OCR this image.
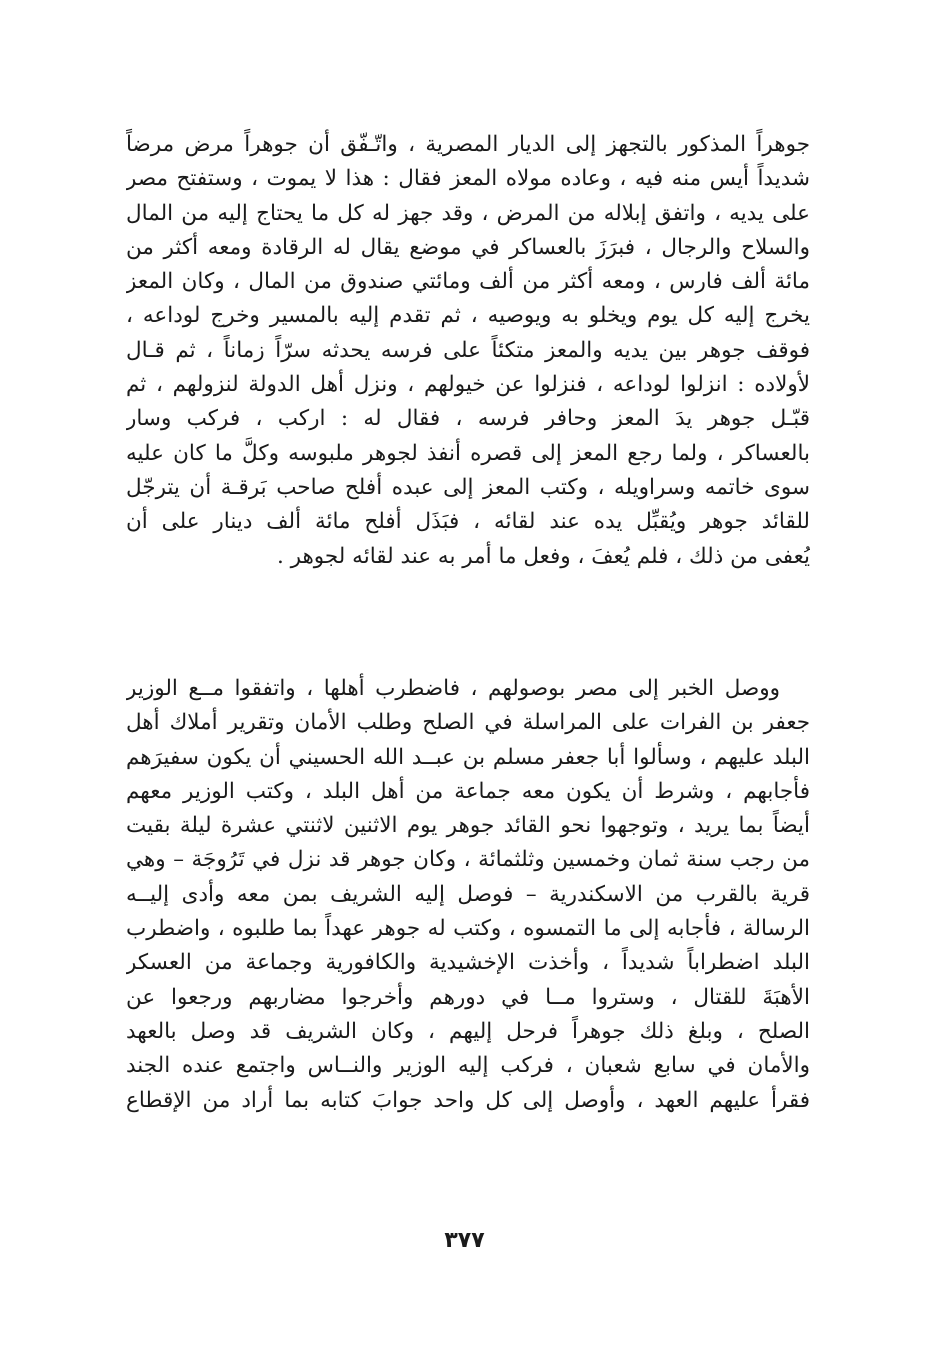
جوهراً المذكور بالتجهز إلى الديار المصرية ، واتّـفّق أن جوهراً مرض مرضاً
شديداً أيس منه فيه ، وعاده مولاه المعز فقال : هذا لا يموت ، وستفتح مصر
على يديه ، واتفق إبلاله من المرض ، وقد جهز له كل ما يحتاج إليه من المال
والسلاح والرجال ، فبرَزَ بالعساكر في موضع يقال له الرقادة ومعه أكثر من
مائة ألف فارس ، ومعه أكثر من ألف ومائتي صندوق من المال ، وكان المعز
يخرج إليه كل يوم ويخلو به ويوصيه ، ثم تقدم إليه بالمسير وخرج لوداعه ،
فوقف جوهر بين يديه والمعز متكئاً على فرسه يحدثه سرّاً زماناً ، ثم قـال
لأولاده : انزلوا لوداعه ، فنزلوا عن خيولهم ، ونزل أهل الدولة لنزولهم ، ثم
قبّـل جوهر يدَ المعز وحافر فرسه ، فقال له : اركب ، فركب وسار
بالعساكر ، ولما رجع المعز إلى قصره أنفذ لجوهر ملبوسه وكلَّ ما كان عليه
سوى خاتمه وسراويله ، وكتب المعز إلى عبده أفلح صاحب بَرقـة أن يترجّل
للقائد جوهر ويُقبِّل يده عند لقائه ، فبَذَل أفلح مائة ألف دينار على أن
يُعفى من ذلك ، فلم يُعفَ ، وفعل ما أمر به عند لقائه لجوهر .
ووصل الخبر إلى مصر بوصولهم ، فاضطرب أهلها ، واتفقوا مــع الوزير
جعفر بن الفرات على المراسلة في الصلح وطلب الأمان وتقرير أملاك أهل
البلد عليهم ، وسألوا أبا جعفر مسلم بن عبــد الله الحسيني أن يكون سفيرَهم
فأجابهم ، وشرط أن يكون معه جماعة من أهل البلد ، وكتب الوزير معهم
أيضاً بما يريد ، وتوجهوا نحو القائد جوهر يوم الاثنين لاثنتي عشرة ليلة بقيت
من رجب سنة ثمان وخمسين وثلثمائة ، وكان جوهر قد نزل في تَرُوجَة – وهي
قرية بالقرب من الاسكندرية – فوصل إليه الشريف بمن معه وأدى إليــه
الرسالة ، فأجابه إلى ما التمسوه ، وكتب له جوهر عهداً بما طلبوه ، واضطرب
البلد اضطراباً شديداً ، وأخذت الإخشيدية والكافورية وجماعة من العسكر
الأهبَةَ للقتال ، وستروا مــا في دورهم وأخرجوا مضاربهم ورجعوا عن
الصلح ، وبلغ ذلك جوهراً فرحل إليهم ، وكان الشريف قد وصل بالعهد
والأمان في سابع شعبان ، فركب إليه الوزير والنــاس واجتمع عنده الجند
فقرأ عليهم العهد ، وأوصل إلى كل واحد جوابَ كتابه بما أراد من الإقطاع
٣٧٧
